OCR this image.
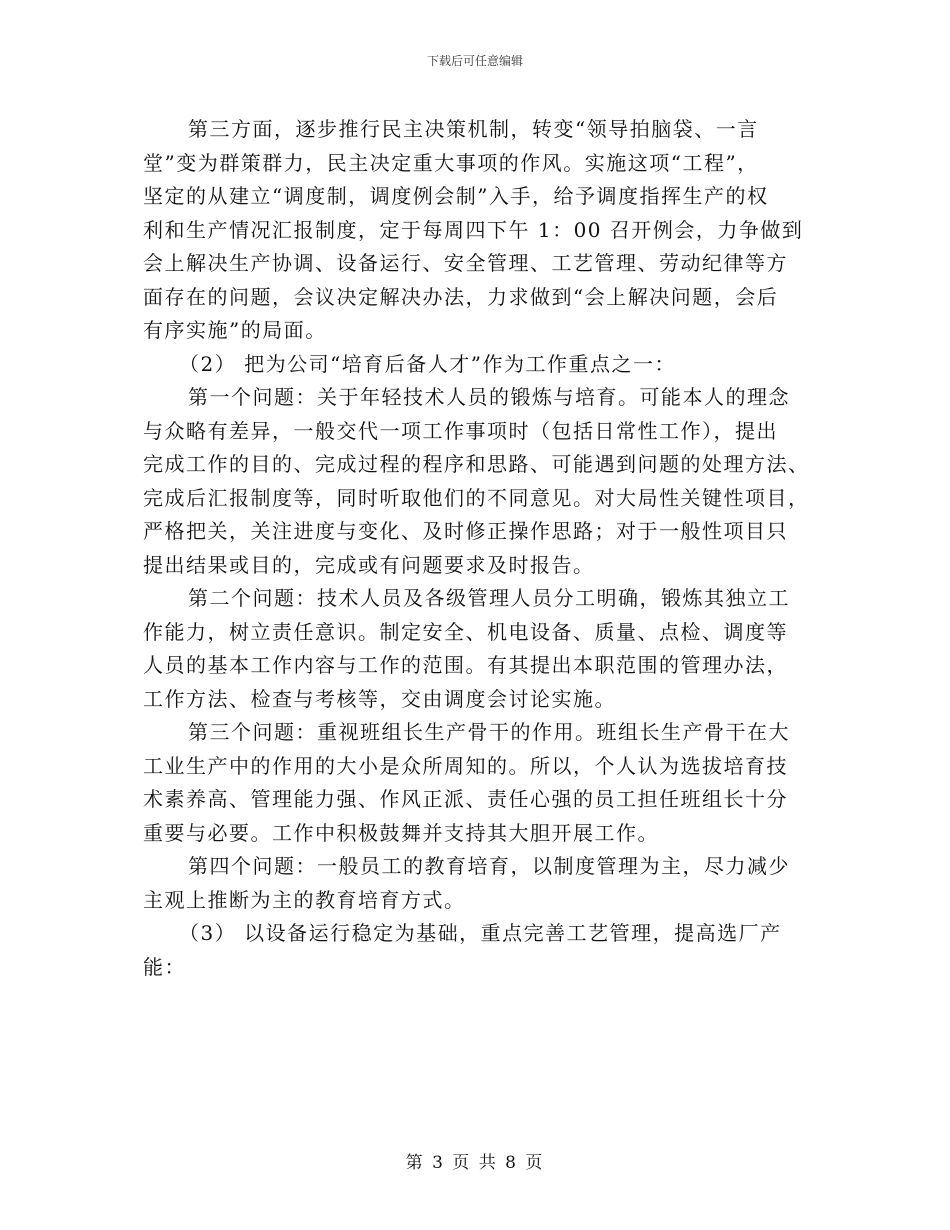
下载后可任意编辑
第三方面，逐步推行民主决策机制，转变“领导拍脑袋、一言
堂”变为群策群力，民主决定重大事项的作风。实施这项“工程”，
坚定的从建立“调度制，调度例会制”入手，给予调度指挥生产的权
利和生产情况汇报制度，定于每周四下午 1：00 召开例会，力争做到
会上解决生产协调、设备运行、安全管理、工艺管理、劳动纪律等方
面存在的问题，会议决定解决办法，力求做到“会上解决问题，会后
有序实施”的局面。
（2） 把为公司“培育后备人才”作为工作重点之一：
第一个问题：关于年轻技术人员的锻炼与培育。可能本人的理念
与众略有差异，一般交代一项工作事项时（包括日常性工作），提出
完成工作的目的、完成过程的程序和思路、可能遇到问题的处理方法、
完成后汇报制度等，同时听取他们的不同意见。对大局性关键性项目，
严格把关，关注进度与变化、及时修正操作思路；对于一般性项目只
提出结果或目的，完成或有问题要求及时报告。
第二个问题：技术人员及各级管理人员分工明确，锻炼其独立工
作能力，树立责任意识。制定安全、机电设备、质量、点检、调度等
人员的基本工作内容与工作的范围。有其提出本职范围的管理办法，
工作方法、检查与考核等，交由调度会讨论实施。
第三个问题：重视班组长生产骨干的作用。班组长生产骨干在大
工业生产中的作用的大小是众所周知的。所以，个人认为选拔培育技
术素养高、管理能力强、作风正派、责任心强的员工担任班组长十分
重要与必要。工作中积极鼓舞并支持其大胆开展工作。
第四个问题：一般员工的教育培育，以制度管理为主，尽力减少
主观上推断为主的教育培育方式。
（3） 以设备运行稳定为基础，重点完善工艺管理，提高选厂产
能：
第 3 页 共 8 页
